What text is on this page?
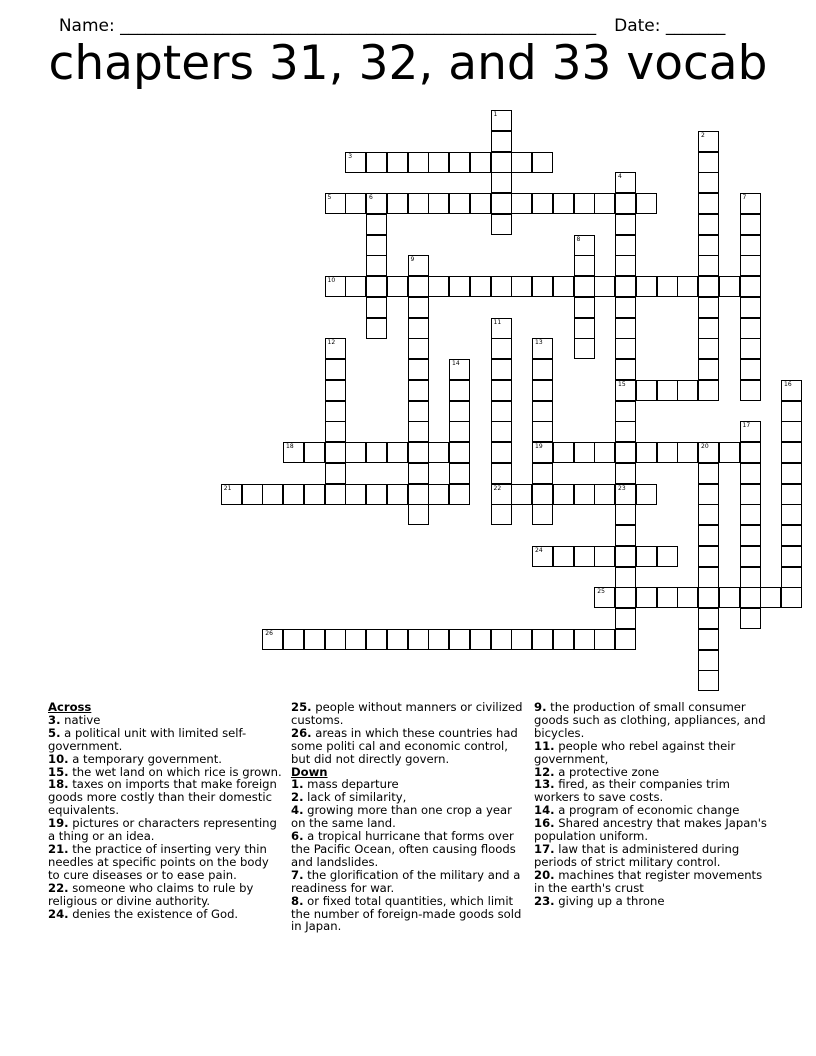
Name: ________________________________________________________ Date: _______

chapters 31, 32, and 33 vocab
1
2
3
4
15
23
5	6	7
8
9
10
11
22
12	13
19
14
16
17
18	20
21
24
25
26
Across
3. native
5. a political unit with limited self-government.
10. a temporary government.
15. the wet land on which rice is grown.
18. taxes on imports that make foreign goods more costly than their domestic equivalents.
19. pictures or characters representing a thing or an idea.
21. the practice of inserting very thin needles at specific points on the body to cure diseases or to ease pain.
22. someone who claims to rule by religious or divine authority.
24. denies the existence of God.
25. people without manners or civilized customs.
26. areas in which these countries had some politi cal and economic control, but did not directly govern.
Down
1. mass departure
2. lack of similarity,
4. growing more than one crop a year on the same land.
6. a tropical hurricane that forms over the Pacific Ocean, often causing floods and landslides.
7. the glorification of the military and a readiness for war.
8. or fixed total quantities, which limit the number of foreign-made goods sold in Japan.
9. the production of small consumer goods such as clothing, appliances, and bicycles.
11. people who rebel against their government,
12. a protective zone
13. fired, as their companies trim workers to save costs.
14. a program of economic change
16. Shared ancestry that makes Japan's population uniform.
17. law that is administered during periods of strict military control.
20. machines that register movements in the earth's crust
23. giving up a throne
